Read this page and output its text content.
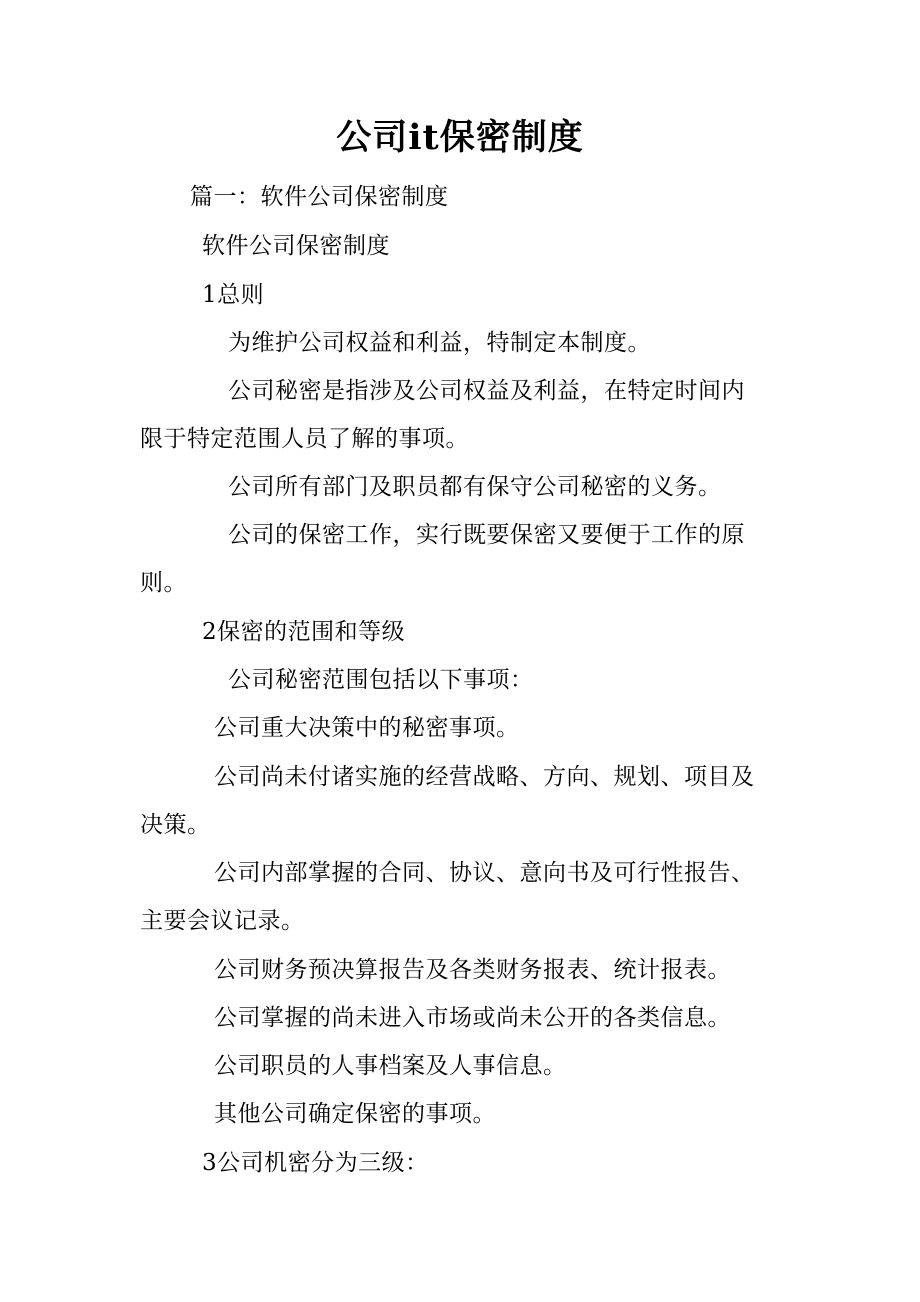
公司it保密制度
篇一：软件公司保密制度
软件公司保密制度
1总则
为维护公司权益和利益，特制定本制度。
公司秘密是指涉及公司权益及利益，在特定时间内
限于特定范围人员了解的事项。
公司所有部门及职员都有保守公司秘密的义务。
公司的保密工作，实行既要保密又要便于工作的原
则。
2保密的范围和等级
公司秘密范围包括以下事项：
公司重大决策中的秘密事项。
公司尚未付诸实施的经营战略、方向、规划、项目及
决策。
公司内部掌握的合同、协议、意向书及可行性报告、
主要会议记录。
公司财务预决算报告及各类财务报表、统计报表。
公司掌握的尚未进入市场或尚未公开的各类信息。
公司职员的人事档案及人事信息。
其他公司确定保密的事项。
3公司机密分为三级：
